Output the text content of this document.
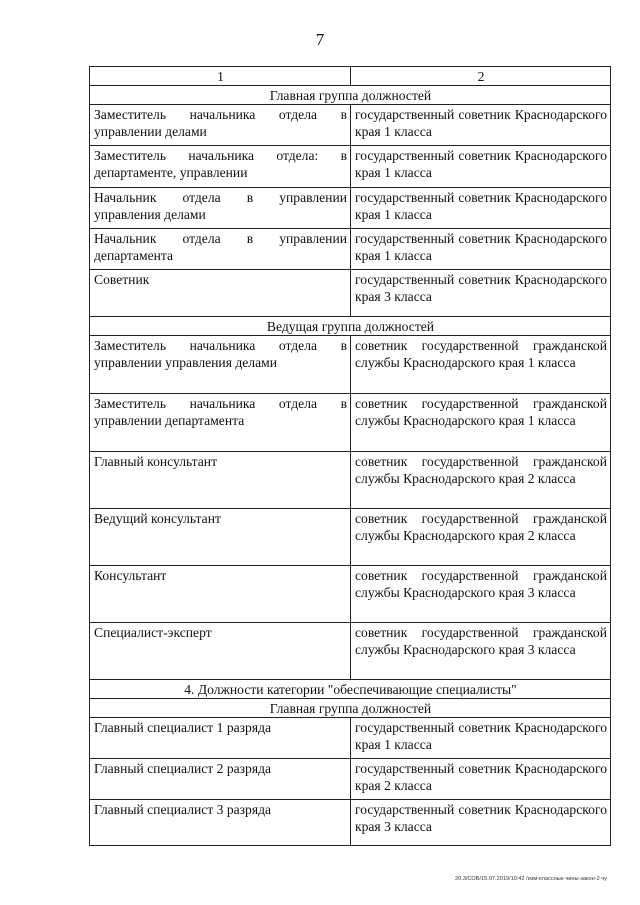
7
1	2
Главная группа должностей	
Заместитель начальника отдела в управлении делами	государственный советник Краснодарского края 1 класса
Заместитель начальника отдела: в департаменте, управлении	государственный советник Краснодарского края 1 класса
Начальник отдела в управлении управления делами	государственный советник Краснодарского края 1 класса
Начальник отдела в управлении департамента	государственный советник Краснодарского края 1 класса
Советник	государственный советник Краснодарского края 3 класса
Ведущая группа должностей	
Заместитель начальника отдела в управлении управления делами	советник государственной гражданской службы Краснодарского края 1 класса
Заместитель начальника отдела в управлении департамента	советник государственной гражданской службы Краснодарского края 1 класса
Главный консультант	советник государственной гражданской службы Краснодарского края 2 класса
Ведущий консультант	советник государственной гражданской службы Краснодарского края 2 класса
Консультант	советник государственной гражданской службы Краснодарского края 3 класса
Специалист-эксперт	советник государственной гражданской службы Краснодарского края 3 класса
4. Должности категории "обеспечивающие специалисты"	
Главная группа должностей	
Главный специалист 1 разряда	государственный советник Краснодарского края 1 класса
Главный специалист 2 разряда	государственный советник Краснодарского края 2 класса
Главный специалист 3 разряда	государственный советник Краснодарского края 3 класса
20.3/СОВ/15.07.2019/10:42 /изм-классные чины-закон-2 чу
